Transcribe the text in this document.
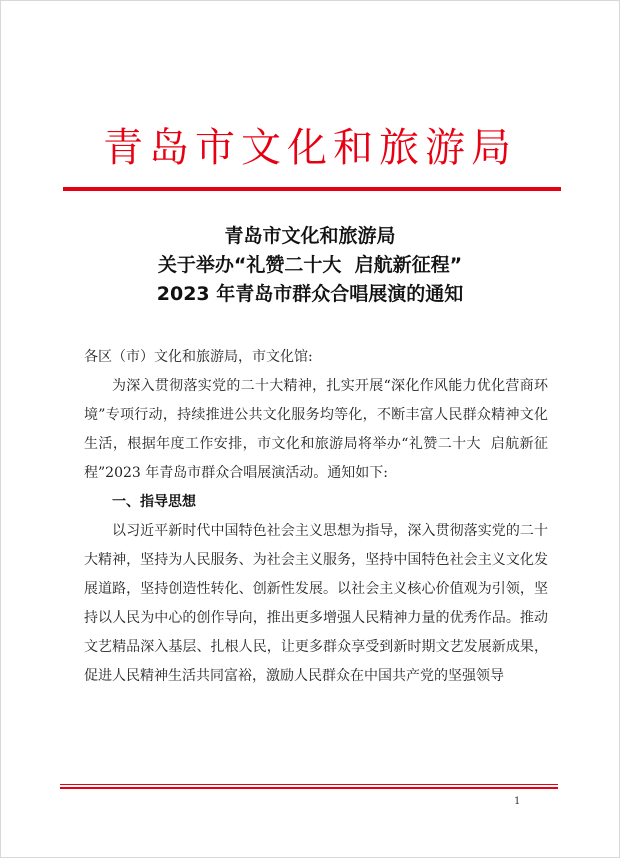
青岛市文化和旅游局
青岛市文化和旅游局
关于举办“礼赞二十大  启航新征程”
2023 年青岛市群众合唱展演的通知

各区（市）文化和旅游局，市文化馆:

为深入贯彻落实党的二十大精神，扎实开展“深化作风能力优化营商环境”专项行动，持续推进公共文化服务均等化，不断丰富人民群众精神文化生活，根据年度工作安排，市文化和旅游局将举办“礼赞二十大  启航新征程”2023 年青岛市群众合唱展演活动。通知如下:

一、指导思想

以习近平新时代中国特色社会主义思想为指导，深入贯彻落实党的二十大精神，坚持为人民服务、为社会主义服务，坚持中国特色社会主义文化发展道路，坚持创造性转化、创新性发展。以社会主义核心价值观为引领，坚持以人民为中心的创作导向，推出更多增强人民精神力量的优秀作品。推动文艺精品深入基层、扎根人民，让更多群众享受到新时期文艺发展新成果，促进人民精神生活共同富裕，激励人民群众在中国共产党的坚强领导

1
